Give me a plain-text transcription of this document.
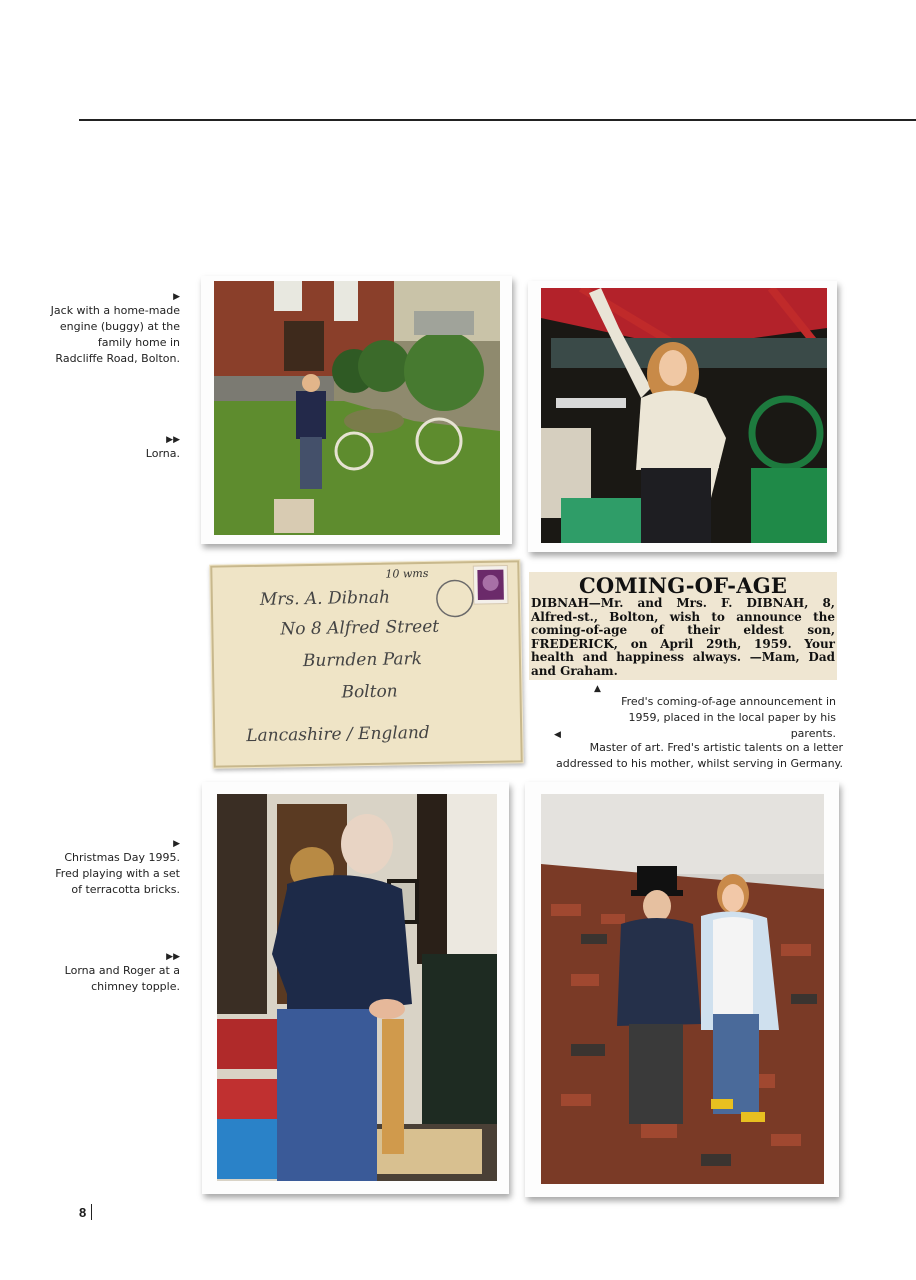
▶
Jack with a home-made engine (buggy) at the family home in Radcliffe Road, Bolton.
▶▶
Lorna.
10 wms
Mrs. A. Dibnah
No 8 Alfred Street
Burnden Park
Bolton
Lancashire / England
COMING-OF-AGE
DIBNAH—Mr. and Mrs. F. DIBNAH, 8, Alfred-st., Bolton, wish to announce the coming-of-age of their eldest son, FREDERICK, on April 29th, 1959. Your health and happiness always. —Mam, Dad and Graham.
▲
Fred's coming-of-age announcement in 1959, placed in the local paper by his parents.
◀
Master of art. Fred's artistic talents on a letter addressed to his mother, whilst serving in Germany.
▶
Christmas Day 1995. Fred playing with a set of terracotta bricks.
▶▶
Lorna and Roger at a chimney topple.
8
